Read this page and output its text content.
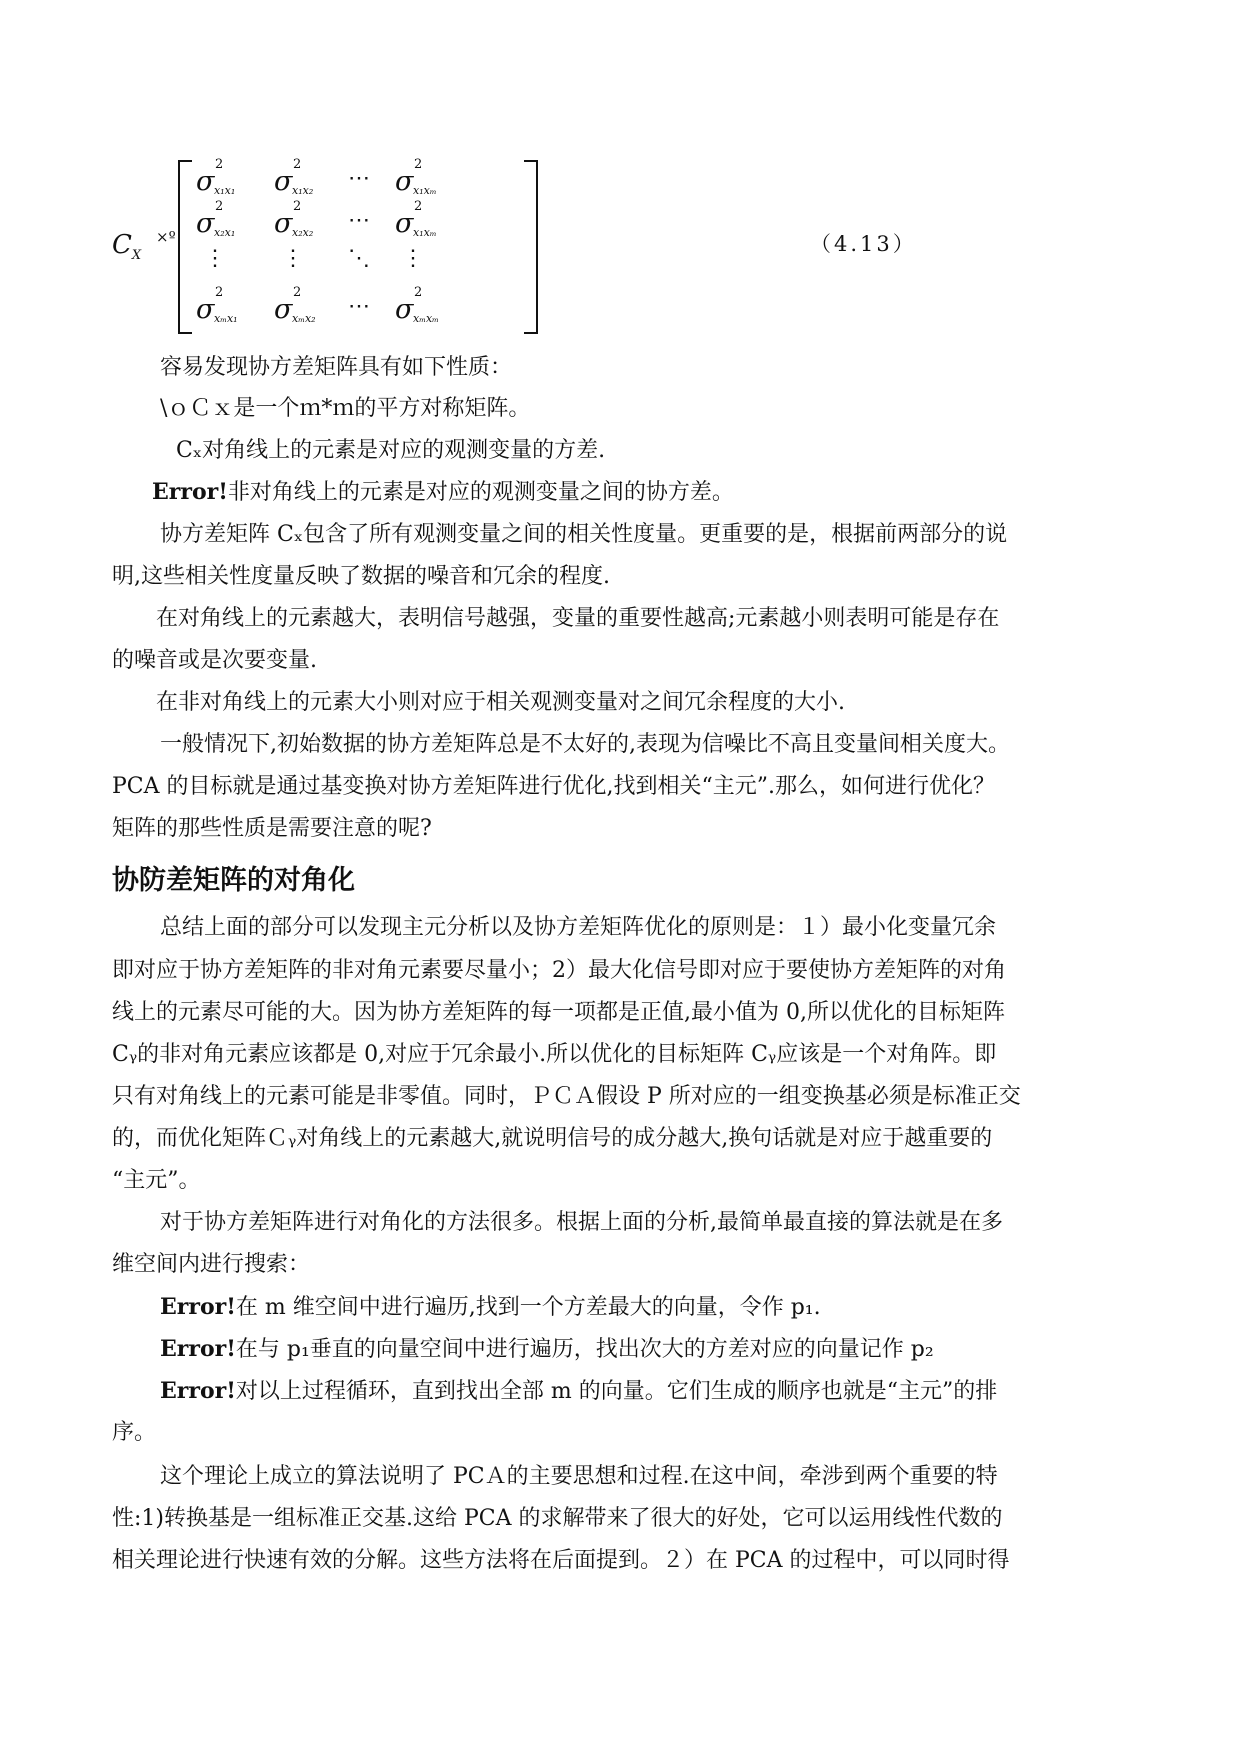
$C_X$
×º
σ
2
x₁x₁ σ
2
x₁x₂ ⋯ σ
2
x₁xₘ
σ
2
x₂x₁ σ
2
x₂x₂ ⋯ σ
2
x₁xₘ
⋮	⋮ ⋱ ⋮
σ
2
xₘx₁ σ
2
xₘx₂ ⋯ σ
2
xₘxₘ
（4.13）
容易发现协方差矩阵具有如下性质：
\ｏＣｘ是一个ｍ*ｍ的平方对称矩阵。
Cₓ对角线上的元素是对应的观测变量的方差.
Error!非对角线上的元素是对应的观测变量之间的协方差。
协方差矩阵 Cₓ包含了所有观测变量之间的相关性度量。更重要的是，根据前两部分的说
明,这些相关性度量反映了数据的噪音和冗余的程度.
在对角线上的元素越大，表明信号越强，变量的重要性越高;元素越小则表明可能是存在
的噪音或是次要变量.
在非对角线上的元素大小则对应于相关观测变量对之间冗余程度的大小.
一般情况下,初始数据的协方差矩阵总是不太好的,表现为信噪比不高且变量间相关度大。
PCA 的目标就是通过基变换对协方差矩阵进行优化,找到相关“主元”.那么，如何进行优化？
矩阵的那些性质是需要注意的呢?
协防差矩阵的对角化
总结上面的部分可以发现主元分析以及协方差矩阵优化的原则是：１）最小化变量冗余
即对应于协方差矩阵的非对角元素要尽量小；2）最大化信号即对应于要使协方差矩阵的对角
线上的元素尽可能的大。因为协方差矩阵的每一项都是正值,最小值为 0,所以优化的目标矩阵
Cᵧ的非对角元素应该都是 0,对应于冗余最小.所以优化的目标矩阵 Cᵧ应该是一个对角阵。即
只有对角线上的元素可能是非零值。同时，ＰＣＡ假设 P 所对应的一组变换基必须是标准正交
的，而优化矩阵Ｃᵧ对角线上的元素越大,就说明信号的成分越大,换句话就是对应于越重要的
“主元”。
对于协方差矩阵进行对角化的方法很多。根据上面的分析,最简单最直接的算法就是在多
维空间内进行搜索：
Error!在 m 维空间中进行遍历,找到一个方差最大的向量，令作 p₁.
Error!在与 p₁垂直的向量空间中进行遍历，找出次大的方差对应的向量记作 p₂
Error!对以上过程循环，直到找出全部 m 的向量。它们生成的顺序也就是“主元”的排
序。
这个理论上成立的算法说明了 PCＡ的主要思想和过程.在这中间，牵涉到两个重要的特
性:1)转换基是一组标准正交基.这给 PCA 的求解带来了很大的好处，它可以运用线性代数的
相关理论进行快速有效的分解。这些方法将在后面提到。２）在 PCA 的过程中，可以同时得
